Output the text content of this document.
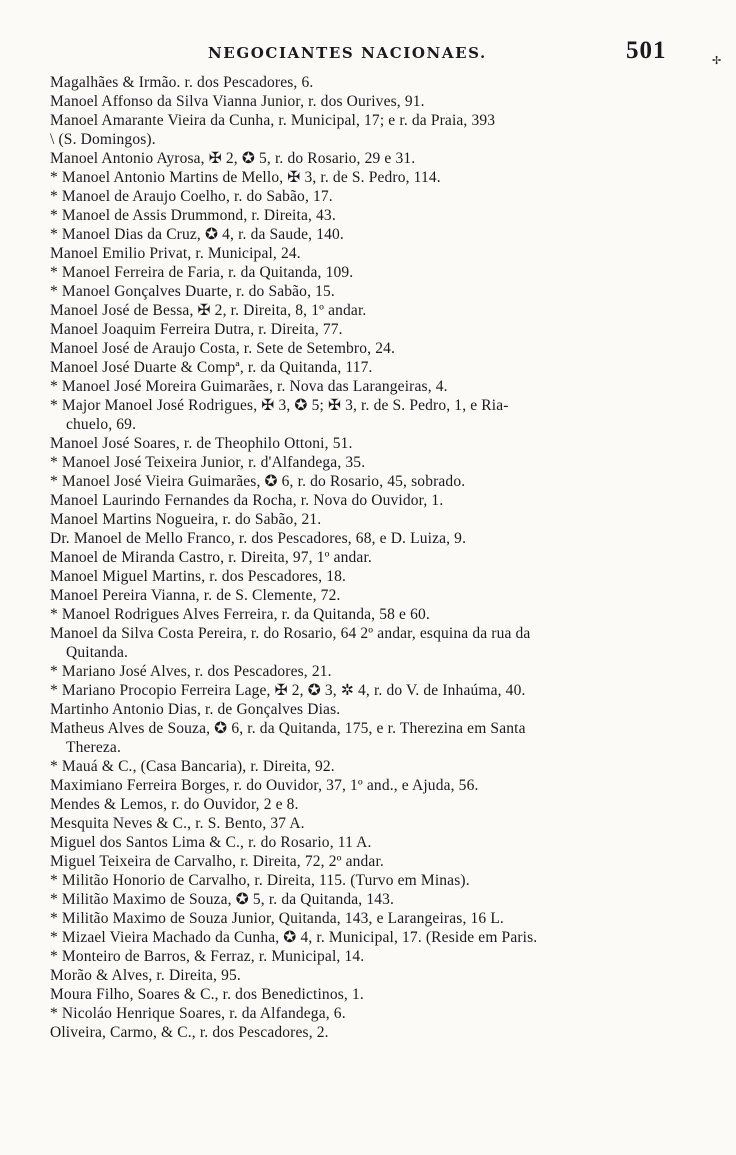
NEGOCIANTES NACIONAES.	501	✢
Magalhães & Irmão. r. dos Pescadores, 6.
Manoel Affonso da Silva Vianna Junior, r. dos Ourives, 91.
Manoel Amarante Vieira da Cunha, r. Municipal, 17; e r. da Praia, 393
\ (S. Domingos).
Manoel Antonio Ayrosa, ✠ 2, ✪ 5, r. do Rosario, 29 e 31.
* Manoel Antonio Martins de Mello, ✠ 3, r. de S. Pedro, 114.
* Manoel de Araujo Coelho, r. do Sabão, 17.
* Manoel de Assis Drummond, r. Direita, 43.
* Manoel Dias da Cruz, ✪ 4, r. da Saude, 140.
Manoel Emilio Privat, r. Municipal, 24.
* Manoel Ferreira de Faria, r. da Quitanda, 109.
* Manoel Gonçalves Duarte, r. do Sabão, 15.
Manoel José de Bessa, ✠ 2, r. Direita, 8, 1º andar.
Manoel Joaquim Ferreira Dutra, r. Direita, 77.
Manoel José de Araujo Costa, r. Sete de Setembro, 24.
Manoel José Duarte & Compª, r. da Quitanda, 117.
* Manoel José Moreira Guimarães, r. Nova das Larangeiras, 4.
* Major Manoel José Rodrigues, ✠ 3, ✪ 5; ✠ 3, r. de S. Pedro, 1, e Ria-
chuelo, 69.
Manoel José Soares, r. de Theophilo Ottoni, 51.
* Manoel José Teixeira Junior, r. d'Alfandega, 35.
* Manoel José Vieira Guimarães, ✪ 6, r. do Rosario, 45, sobrado.
Manoel Laurindo Fernandes da Rocha, r. Nova do Ouvidor, 1.
Manoel Martins Nogueira, r. do Sabão, 21.
Dr. Manoel de Mello Franco, r. dos Pescadores, 68, e D. Luiza, 9.
Manoel de Miranda Castro, r. Direita, 97, 1º andar.
Manoel Miguel Martins, r. dos Pescadores, 18.
Manoel Pereira Vianna, r. de S. Clemente, 72.
* Manoel Rodrigues Alves Ferreira, r. da Quitanda, 58 e 60.
Manoel da Silva Costa Pereira, r. do Rosario, 64 2º andar, esquina da rua da
Quitanda.
* Mariano José Alves, r. dos Pescadores, 21.
* Mariano Procopio Ferreira Lage, ✠ 2, ✪ 3, ✲ 4, r. do V. de Inhaúma, 40.
Martinho Antonio Dias, r. de Gonçalves Dias.
Matheus Alves de Souza, ✪ 6, r. da Quitanda, 175, e r. Therezina em Santa
Thereza.
* Mauá & C., (Casa Bancaria), r. Direita, 92.
Maximiano Ferreira Borges, r. do Ouvidor, 37, 1º and., e Ajuda, 56.
Mendes & Lemos, r. do Ouvidor, 2 e 8.
Mesquita Neves & C., r. S. Bento, 37 A.
Miguel dos Santos Lima & C., r. do Rosario, 11 A.
Miguel Teixeira de Carvalho, r. Direita, 72, 2º andar.
* Militão Honorio de Carvalho, r. Direita, 115. (Turvo em Minas).
* Militão Maximo de Souza, ✪ 5, r. da Quitanda, 143.
* Militão Maximo de Souza Junior, Quitanda, 143, e Larangeiras, 16 L.
* Mizael Vieira Machado da Cunha, ✪ 4, r. Municipal, 17. (Reside em Paris.
* Monteiro de Barros, & Ferraz, r. Municipal, 14.
Morão & Alves, r. Direita, 95.
Moura Filho, Soares & C., r. dos Benedictinos, 1.
* Nicoláo Henrique Soares, r. da Alfandega, 6.
Oliveira, Carmo, & C., r. dos Pescadores, 2.
